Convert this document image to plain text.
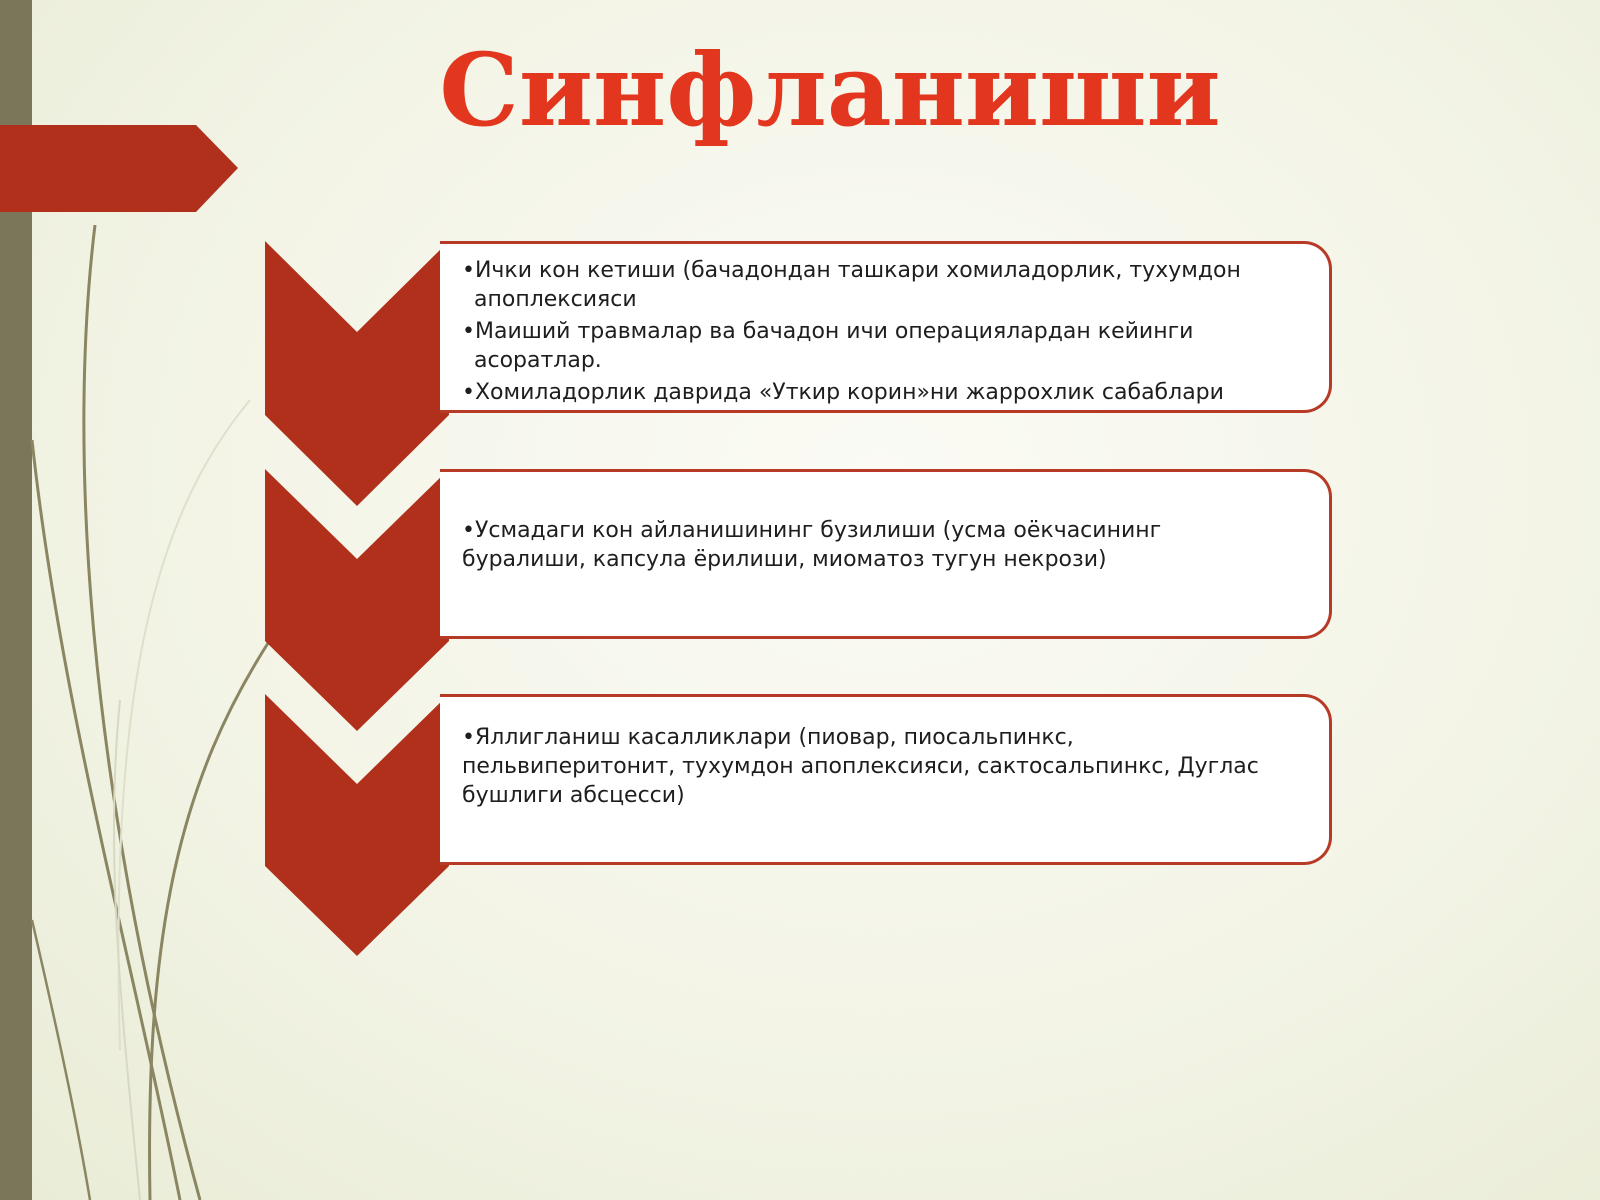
Синфланиши
•Ички кон кетиши (бачадондан ташкари хомиладорлик, тухумдон апоплексияси
•Маиший травмалар ва бачадон ичи операциялардан кейинги асоратлар.
•Хомиладорлик даврида «Уткир корин»ни жаррохлик сабаблари
•Усмадаги кон айланишининг бузилиши (усма оёкчасининг буралиши, капсула ёрилиши, миоматоз тугун некрози)
•Яллигланиш касалликлари (пиовар, пиосальпинкс, пельвиперитонит, тухумдон апоплексияси, сактосальпинкс, Дуглас бушлиги абсцесси)
